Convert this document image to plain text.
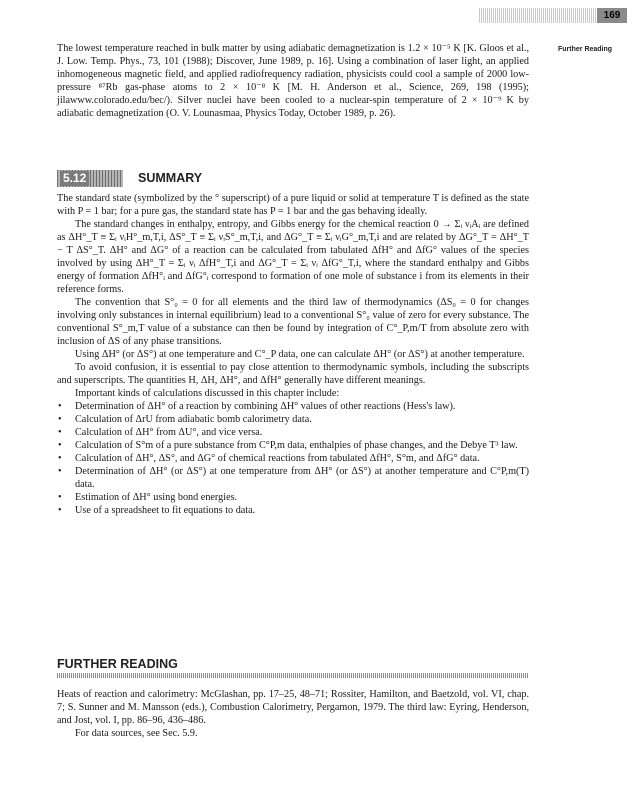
169
Further Reading

The lowest temperature reached in bulk matter by using adiabatic demagnetization is 1.2 × 10⁻⁵ K [K. Gloos et al., J. Low. Temp. Phys., 73, 101 (1988); Discover, June 1989, p. 16]. Using a combination of laser light, an applied inhomogeneous magnetic field, and applied radiofrequency radiation, physicists could cool a sample of 2000 low-pressure ⁸⁷Rb gas-phase atoms to 2 × 10⁻⁸ K [M. H. Anderson et al., Science, 269, 198 (1995); jilawww.colorado.edu/bec/). Silver nuclei have been cooled to a nuclear-spin temperature of 2 × 10⁻⁹ K by adiabatic demagnetization (O. V. Lounasmaa, Physics Today, October 1989, p. 26).

5.12	SUMMARY

The standard state (symbolized by the ° superscript) of a pure liquid or solid at temperature T is defined as the state with P = 1 bar; for a pure gas, the standard state has P = 1 bar and the gas behaving ideally.

The standard changes in enthalpy, entropy, and Gibbs energy for the chemical reaction 0 → Σᵢ νᵢAᵢ are defined as ΔH°_T ≡ Σᵢ νᵢH°_m,T,i, ΔS°_T ≡ Σᵢ νᵢS°_m,T,i, and ΔG°_T ≡ Σᵢ νᵢG°_m,T,i and are related by ΔG°_T = ΔH°_T − T ΔS°_T. ΔH° and ΔG° of a reaction can be calculated from tabulated ΔfH° and ΔfG° values of the species involved by using ΔH°_T = Σᵢ νᵢ ΔfH°_T,i and ΔG°_T = Σᵢ νᵢ ΔfG°_T,i, where the standard enthalpy and Gibbs energy of formation ΔfH°ᵢ and ΔfG°ᵢ correspond to formation of one mole of substance i from its elements in their reference forms.

The convention that S°₀ = 0 for all elements and the third law of thermodynamics (ΔS₀ = 0 for changes involving only substances in internal equilibrium) lead to a conventional S°₀ value of zero for every substance. The conventional S°_m,T value of a substance can then be found by integration of C°_P,m/T from absolute zero with inclusion of ΔS of any phase transitions.

Using ΔH° (or ΔS°) at one temperature and C°_P data, one can calculate ΔH° (or ΔS°) at another temperature.

To avoid confusion, it is essential to pay close attention to thermodynamic symbols, including the subscripts and superscripts. The quantities H, ΔH, ΔH°, and ΔfH° generally have different meanings.

Important kinds of calculations discussed in this chapter include:

• Determination of ΔH° of a reaction by combining ΔH° values of other reactions (Hess's law).
• Calculation of ΔrU from adiabatic bomb calorimetry data.
• Calculation of ΔH° from ΔU°, and vice versa.
• Calculation of S°m of a pure substance from C°P,m data, enthalpies of phase changes, and the Debye T³ law.
• Calculation of ΔH°, ΔS°, and ΔG° of chemical reactions from tabulated ΔfH°, S°m, and ΔfG° data.
• Determination of ΔH° (or ΔS°) at one temperature from ΔH° (or ΔS°) at another temperature and C°P,m(T) data.
• Estimation of ΔH° using bond energies.
• Use of a spreadsheet to fit equations to data.
FURTHER READING

Heats of reaction and calorimetry: McGlashan, pp. 17–25, 48–71; Rossiter, Hamilton, and Baetzold, vol. VI, chap. 7; S. Sunner and M. Mansson (eds.), Combustion Calorimetry, Pergamon, 1979. The third law: Eyring, Henderson, and Jost, vol. I, pp. 86–96, 436–486.

For data sources, see Sec. 5.9.
